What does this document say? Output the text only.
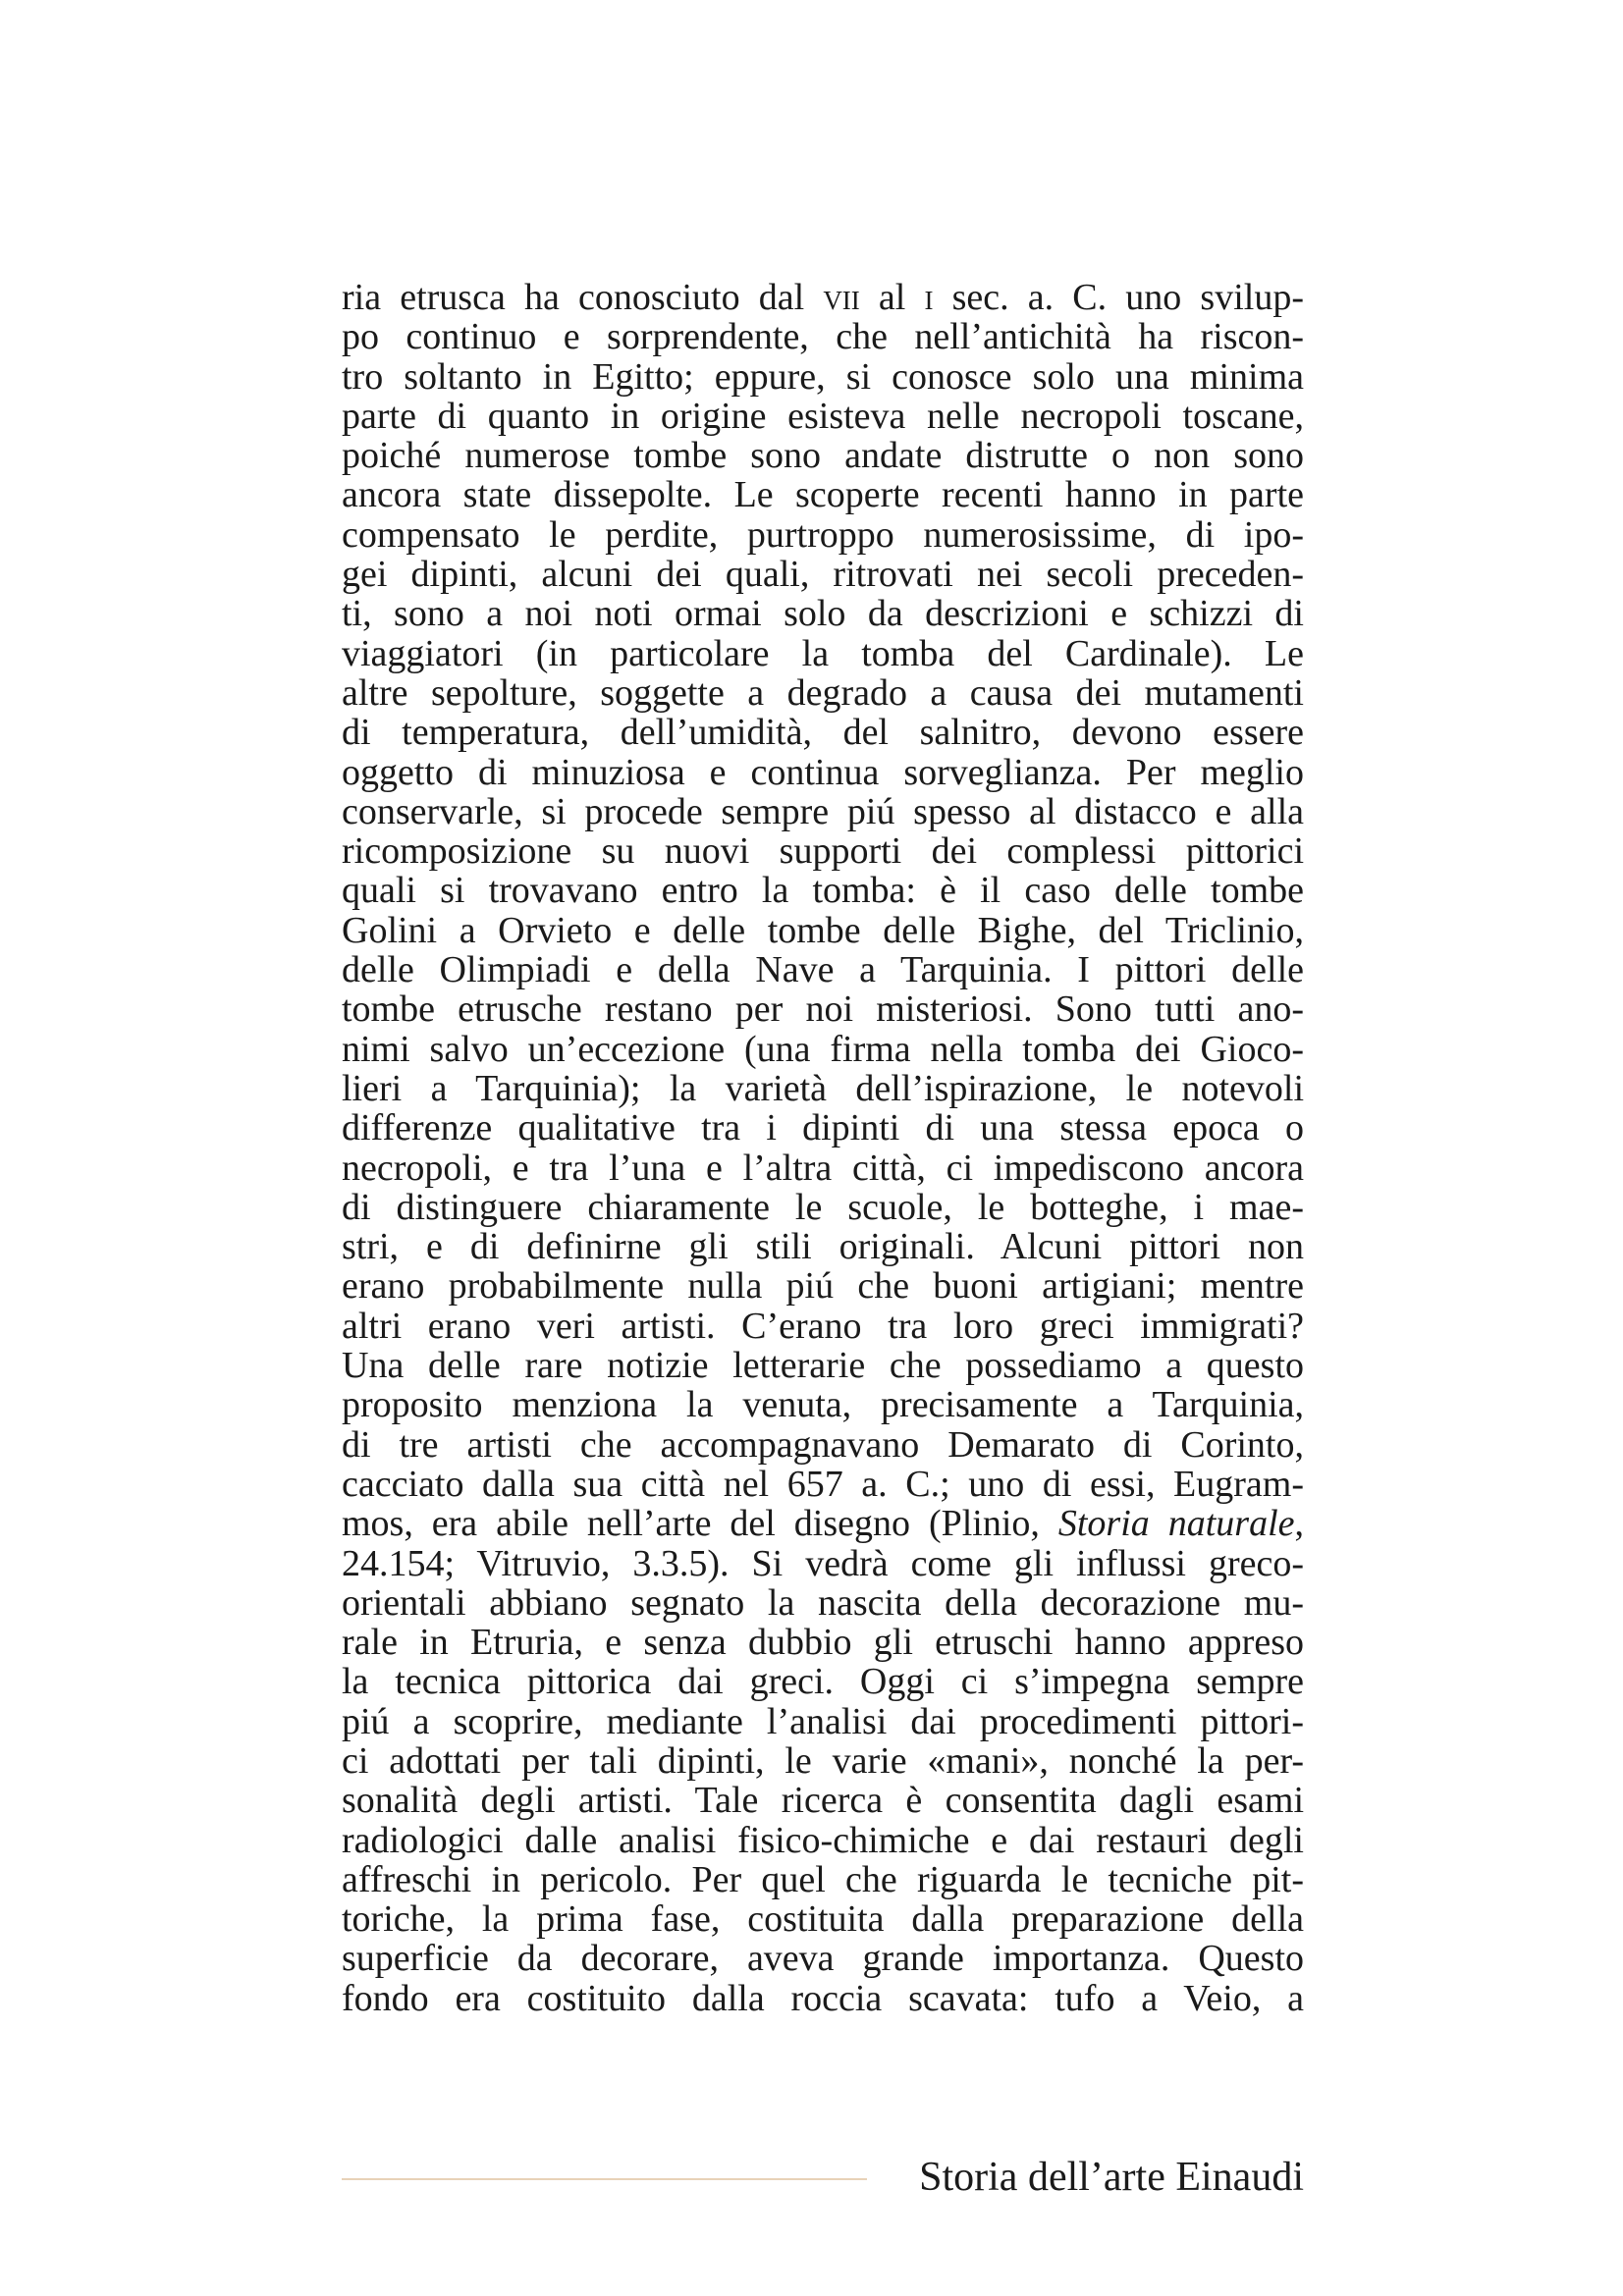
ria etrusca ha conosciuto dal vii al i sec. a. C. uno svilup-
po continuo e sorprendente, che nell’antichità ha riscon-
tro soltanto in Egitto; eppure, si conosce solo una minima
parte di quanto in origine esisteva nelle necropoli toscane,
poiché numerose tombe sono andate distrutte o non sono
ancora state dissepolte. Le scoperte recenti hanno in parte
compensato le perdite, purtroppo numerosissime, di ipo-
gei dipinti, alcuni dei quali, ritrovati nei secoli preceden-
ti, sono a noi noti ormai solo da descrizioni e schizzi di
viaggiatori (in particolare la tomba del Cardinale). Le
altre sepolture, soggette a degrado a causa dei mutamenti
di temperatura, dell’umidità, del salnitro, devono essere
oggetto di minuziosa e continua sorveglianza. Per meglio
conservarle, si procede sempre piú spesso al distacco e alla
ricomposizione su nuovi supporti dei complessi pittorici
quali si trovavano entro la tomba: è il caso delle tombe
Golini a Orvieto e delle tombe delle Bighe, del Triclinio,
delle Olimpiadi e della Nave a Tarquinia. I pittori delle
tombe etrusche restano per noi misteriosi. Sono tutti ano-
nimi salvo un’eccezione (una firma nella tomba dei Gioco-
lieri a Tarquinia); la varietà dell’ispirazione, le notevoli
differenze qualitative tra i dipinti di una stessa epoca o
necropoli, e tra l’una e l’altra città, ci impediscono ancora
di distinguere chiaramente le scuole, le botteghe, i mae-
stri, e di definirne gli stili originali. Alcuni pittori non
erano probabilmente nulla piú che buoni artigiani; mentre
altri erano veri artisti. C’erano tra loro greci immigrati?
Una delle rare notizie letterarie che possediamo a questo
proposito menziona la venuta, precisamente a Tarquinia,
di tre artisti che accompagnavano Demarato di Corinto,
cacciato dalla sua città nel 657 a. C.; uno di essi, Eugram-
mos, era abile nell’arte del disegno (Plinio, Storia naturale,
24.154; Vitruvio, 3.3.5). Si vedrà come gli influssi greco-
orientali abbiano segnato la nascita della decorazione mu-
rale in Etruria, e senza dubbio gli etruschi hanno appreso
la tecnica pittorica dai greci. Oggi ci s’impegna sempre
piú a scoprire, mediante l’analisi dai procedimenti pittori-
ci adottati per tali dipinti, le varie «mani», nonché la per-
sonalità degli artisti. Tale ricerca è consentita dagli esami
radiologici dalle analisi fisico-chimiche e dai restauri degli
affreschi in pericolo. Per quel che riguarda le tecniche pit-
toriche, la prima fase, costituita dalla preparazione della
superficie da decorare, aveva grande importanza. Questo
fondo era costituito dalla roccia scavata: tufo a Veio, a
Storia dell’arte Einaudi
